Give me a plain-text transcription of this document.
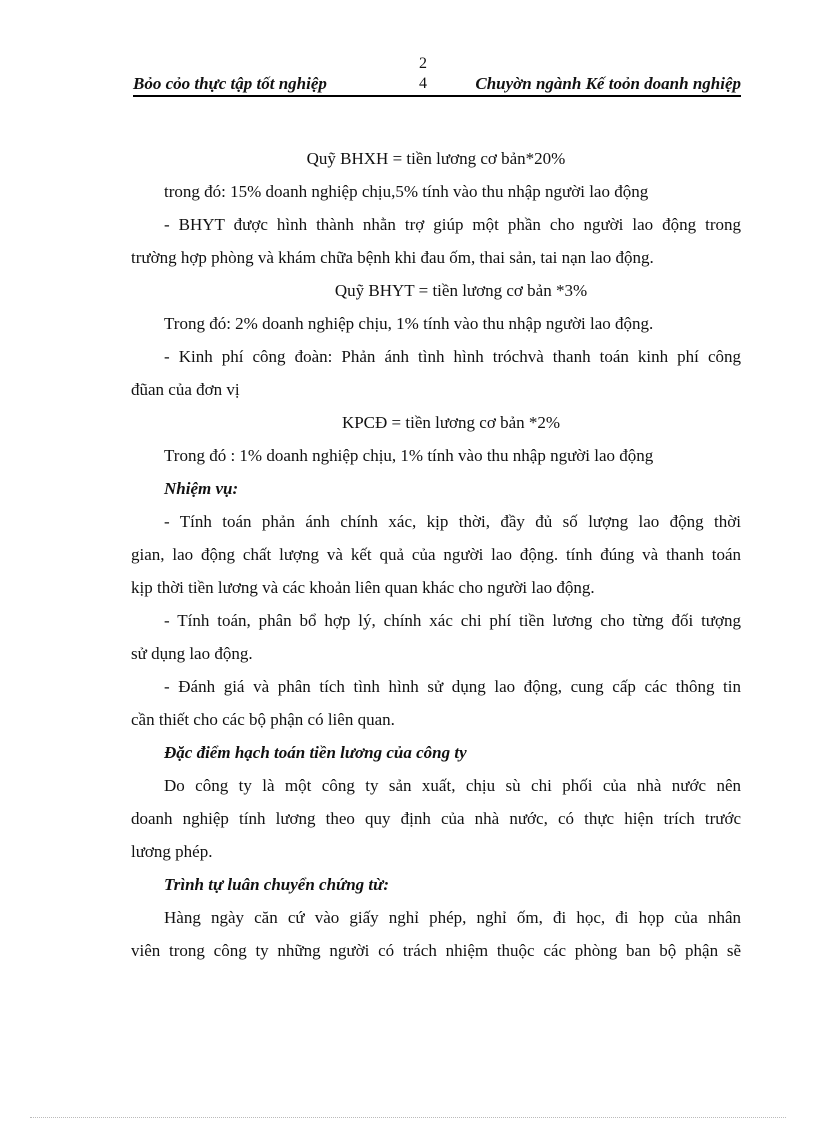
Bỏo cỏo thực tập tốt nghiệp
2
4	Chuyờn ngành Kế toỏn doanh nghiệp
Quỹ BHXH = tiền lương cơ bản*20%
trong đó: 15% doanh nghiệp chịu,5% tính vào thu nhập người lao động
- BHYT được hình thành nhằn trợ giúp một phần cho người lao động trong
trường hợp phòng và khám chữa bệnh khi đau ốm, thai sản, tai nạn lao động.
Quỹ BHYT = tiền lương cơ bản *3%
Trong đó: 2% doanh nghiệp chịu, 1% tính vào thu nhập người lao động.
- Kinh phí công đoàn: Phản ánh tình hình tróchvà thanh toán kinh phí công
đũan của đơn vị
KPCĐ = tiền lương cơ bản *2%
Trong đó : 1% doanh nghiệp chịu, 1% tính vào thu nhập người lao động
Nhiệm vụ:
- Tính toán phản ánh chính xác, kịp thời, đầy đủ số lượng lao động thời
gian, lao động chất lượng và kết quả của người lao động. tính đúng và thanh toán
kịp thời tiền lương và các khoản liên quan khác cho người lao động.
- Tính toán, phân bổ hợp lý, chính xác chi phí tiền lương cho từng đối tượng
sử dụng lao động.
- Đánh giá và phân tích tình hình sử dụng lao động, cung cấp các thông tin
cần thiết cho các bộ phận có liên quan.
Đặc điểm hạch toán tiền lương của công ty
Do công ty là một công ty sản xuất, chịu sù chi phối của nhà nước nên
doanh nghiệp tính lương theo quy định của nhà nước, có thực hiện trích trước
lương phép.
Trình tự luân chuyển chứng từ:
Hàng ngày căn cứ vào giấy nghỉ phép, nghỉ ốm, đi học, đi họp của nhân
viên trong công ty những người có trách nhiệm thuộc các phòng ban bộ phận sẽ
